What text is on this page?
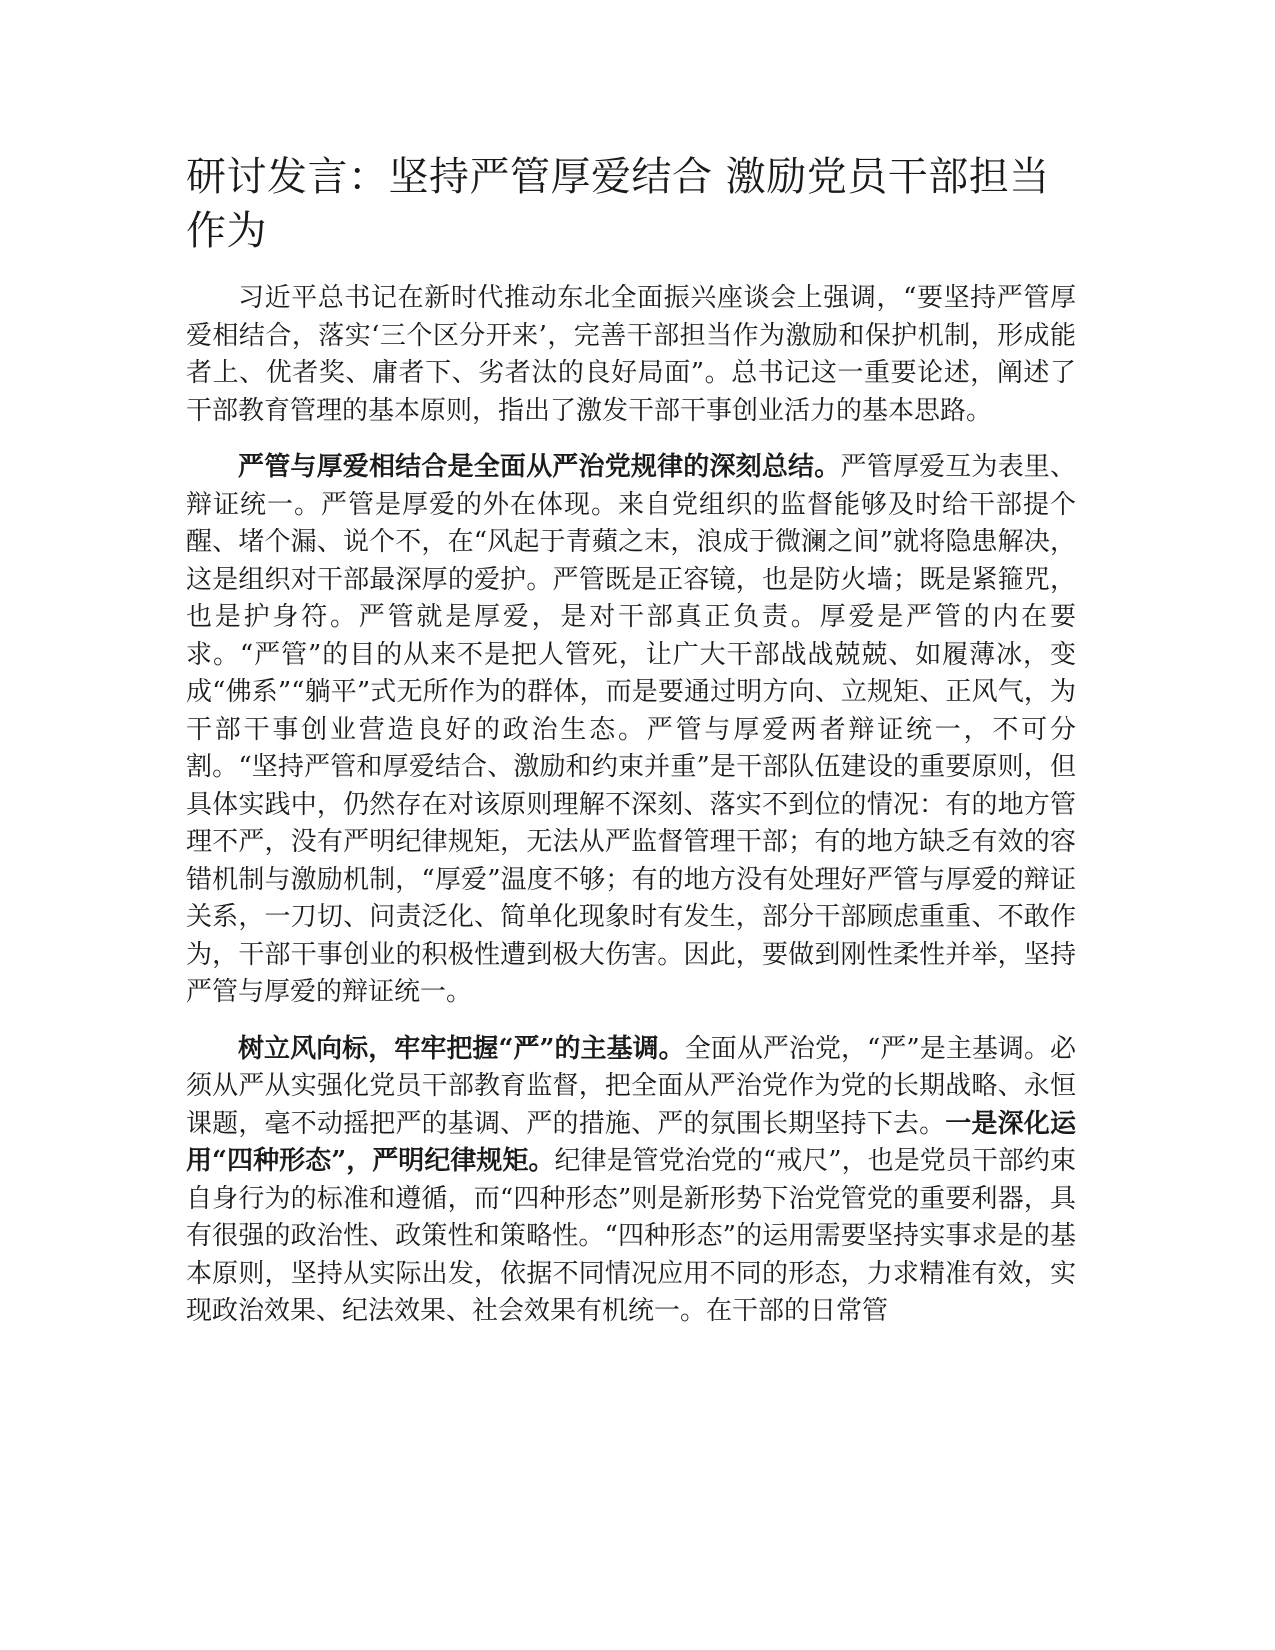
研讨发言：坚持严管厚爱结合 激励党员干部担当作为

习近平总书记在新时代推动东北全面振兴座谈会上强调，“要坚持严管厚爱相结合，落实‘三个区分开来’，完善干部担当作为激励和保护机制，形成能者上、优者奖、庸者下、劣者汰的良好局面”。总书记这一重要论述，阐述了干部教育管理的基本原则，指出了激发干部干事创业活力的基本思路。

严管与厚爱相结合是全面从严治党规律的深刻总结。严管厚爱互为表里、辩证统一。严管是厚爱的外在体现。来自党组织的监督能够及时给干部提个醒、堵个漏、说个不，在“风起于青蘋之末，浪成于微澜之间”就将隐患解决，这是组织对干部最深厚的爱护。严管既是正容镜，也是防火墙；既是紧箍咒，也是护身符。严管就是厚爱，是对干部真正负责。厚爱是严管的内在要求。“严管”的目的从来不是把人管死，让广大干部战战兢兢、如履薄冰，变成“佛系”“躺平”式无所作为的群体，而是要通过明方向、立规矩、正风气，为干部干事创业营造良好的政治生态。严管与厚爱两者辩证统一，不可分割。“坚持严管和厚爱结合、激励和约束并重”是干部队伍建设的重要原则，但具体实践中，仍然存在对该原则理解不深刻、落实不到位的情况：有的地方管理不严，没有严明纪律规矩，无法从严监督管理干部；有的地方缺乏有效的容错机制与激励机制，“厚爱”温度不够；有的地方没有处理好严管与厚爱的辩证关系，一刀切、问责泛化、简单化现象时有发生，部分干部顾虑重重、不敢作为，干部干事创业的积极性遭到极大伤害。因此，要做到刚性柔性并举，坚持严管与厚爱的辩证统一。

树立风向标，牢牢把握“严”的主基调。全面从严治党，“严”是主基调。必须从严从实强化党员干部教育监督，把全面从严治党作为党的长期战略、永恒课题，毫不动摇把严的基调、严的措施、严的氛围长期坚持下去。一是深化运用“四种形态”，严明纪律规矩。纪律是管党治党的“戒尺”，也是党员干部约束自身行为的标准和遵循，而“四种形态”则是新形势下治党管党的重要利器，具有很强的政治性、政策性和策略性。“四种形态”的运用需要坚持实事求是的基本原则，坚持从实际出发，依据不同情况应用不同的形态，力求精准有效，实现政治效果、纪法效果、社会效果有机统一。在干部的日常管
